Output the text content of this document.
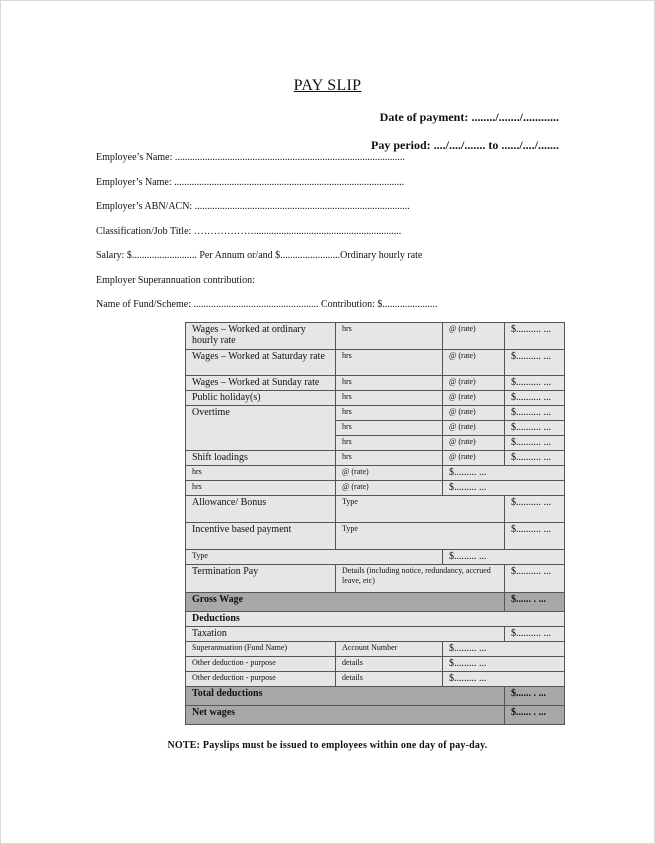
PAY SLIP
Date of payment: ......../......./............
Pay period: ..../..../....... to ....../..../.......
Employee’s Name: ............................................................................................
Employer’s Name: ............................................................................................
Employer’s ABN/ACN: ......................................................................................
Classification/Job Title: ………………...........................................................
Salary: $.......................... Per Annum or/and $........................Ordinary hourly rate
Employer Superannuation contribution:
Name of Fund/Scheme: .................................................. Contribution: $......................
Wages – Worked at ordinary hourly rate	hrs	@ (rate)	$.......... ...
Wages – Worked at Saturday rate	hrs	@ (rate)	$.......... ...
Wages – Worked at Sunday rate	hrs	@ (rate)	$.......... ...
Public holiday(s)	hrs	@ (rate)	$.......... ...
Overtime	hrs	@ (rate)	$.......... ...
	hrs	@ (rate)	$.......... ...
	hrs	@ (rate)	$.......... ...
Shift loadings	hrs	@ (rate)	$.......... ...
hrs	@ (rate)	$......... ...	
hrs	@ (rate)	$......... ...	
Allowance/ Bonus	Type		$.......... ...
Incentive based payment	Type		$.......... ...
Type		$......... ...	
Termination Pay	Details (including notice, redundancy, accrued leave, etc)		$.......... ...
Gross Wage			$...... . ...
Deductions			
Taxation			$.......... ...
Superannuation (Fund Name)	Account Number	$......... ...	
Other deduction - purpose	details	$......... ...	
Other deduction - purpose	details	$......... ...	
Total deductions			$...... . ...
Net wages			$...... . ...
NOTE: Payslips must be issued to employees within one day of pay-day.
